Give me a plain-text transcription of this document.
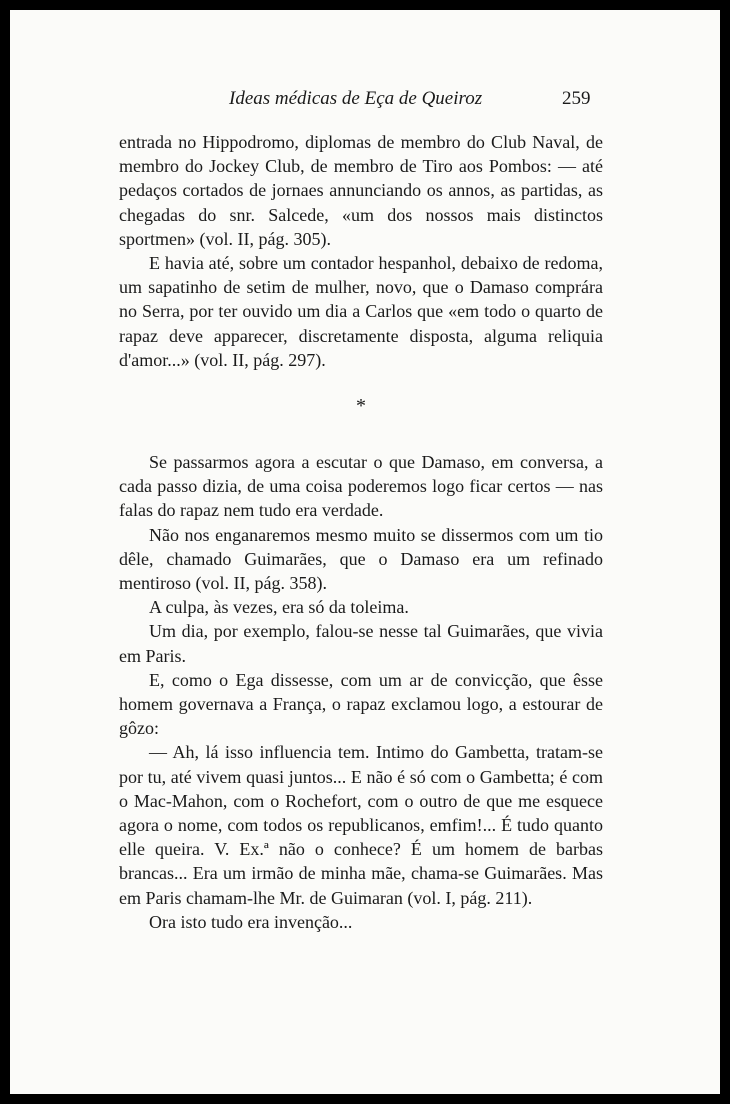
Ideas médicas de Eça de Queiroz	259

entrada no Hippodromo, diplomas de membro do Club Naval, de membro do Jockey Club, de membro de Tiro aos Pombos: — até pedaços cortados de jornaes annunciando os annos, as partidas, as chegadas do snr. Salcede, «um dos nossos mais distinctos sportmen» (vol. II, pág. 305).

E havia até, sobre um contador hespanhol, debaixo de redoma, um sapatinho de setim de mulher, novo, que o Damaso comprára no Serra, por ter ouvido um dia a Carlos que «em todo o quarto de rapaz deve apparecer, discretamente disposta, alguma reliquia d'amor...» (vol. II, pág. 297).

*

Se passarmos agora a escutar o que Damaso, em conversa, a cada passo dizia, de uma coisa poderemos logo ficar certos — nas falas do rapaz nem tudo era verdade.

Não nos enganaremos mesmo muito se dissermos com um tio dêle, chamado Guimarães, que o Damaso era um refinado mentiroso (vol. II, pág. 358).

A culpa, às vezes, era só da toleima.

Um dia, por exemplo, falou-se nesse tal Guimarães, que vivia em Paris.

E, como o Ega dissesse, com um ar de convicção, que êsse homem governava a França, o rapaz exclamou logo, a estourar de gôzo:

— Ah, lá isso influencia tem. Intimo do Gambetta, tratam-se por tu, até vivem quasi juntos... E não é só com o Gambetta; é com o Mac-Mahon, com o Rochefort, com o outro de que me esquece agora o nome, com todos os republicanos, emfim!... É tudo quanto elle queira. V. Ex.ª não o conhece? É um homem de barbas brancas... Era um irmão de minha mãe, chama-se Guimarães. Mas em Paris chamam-lhe Mr. de Guimaran (vol. I, pág. 211).

Ora isto tudo era invenção...
